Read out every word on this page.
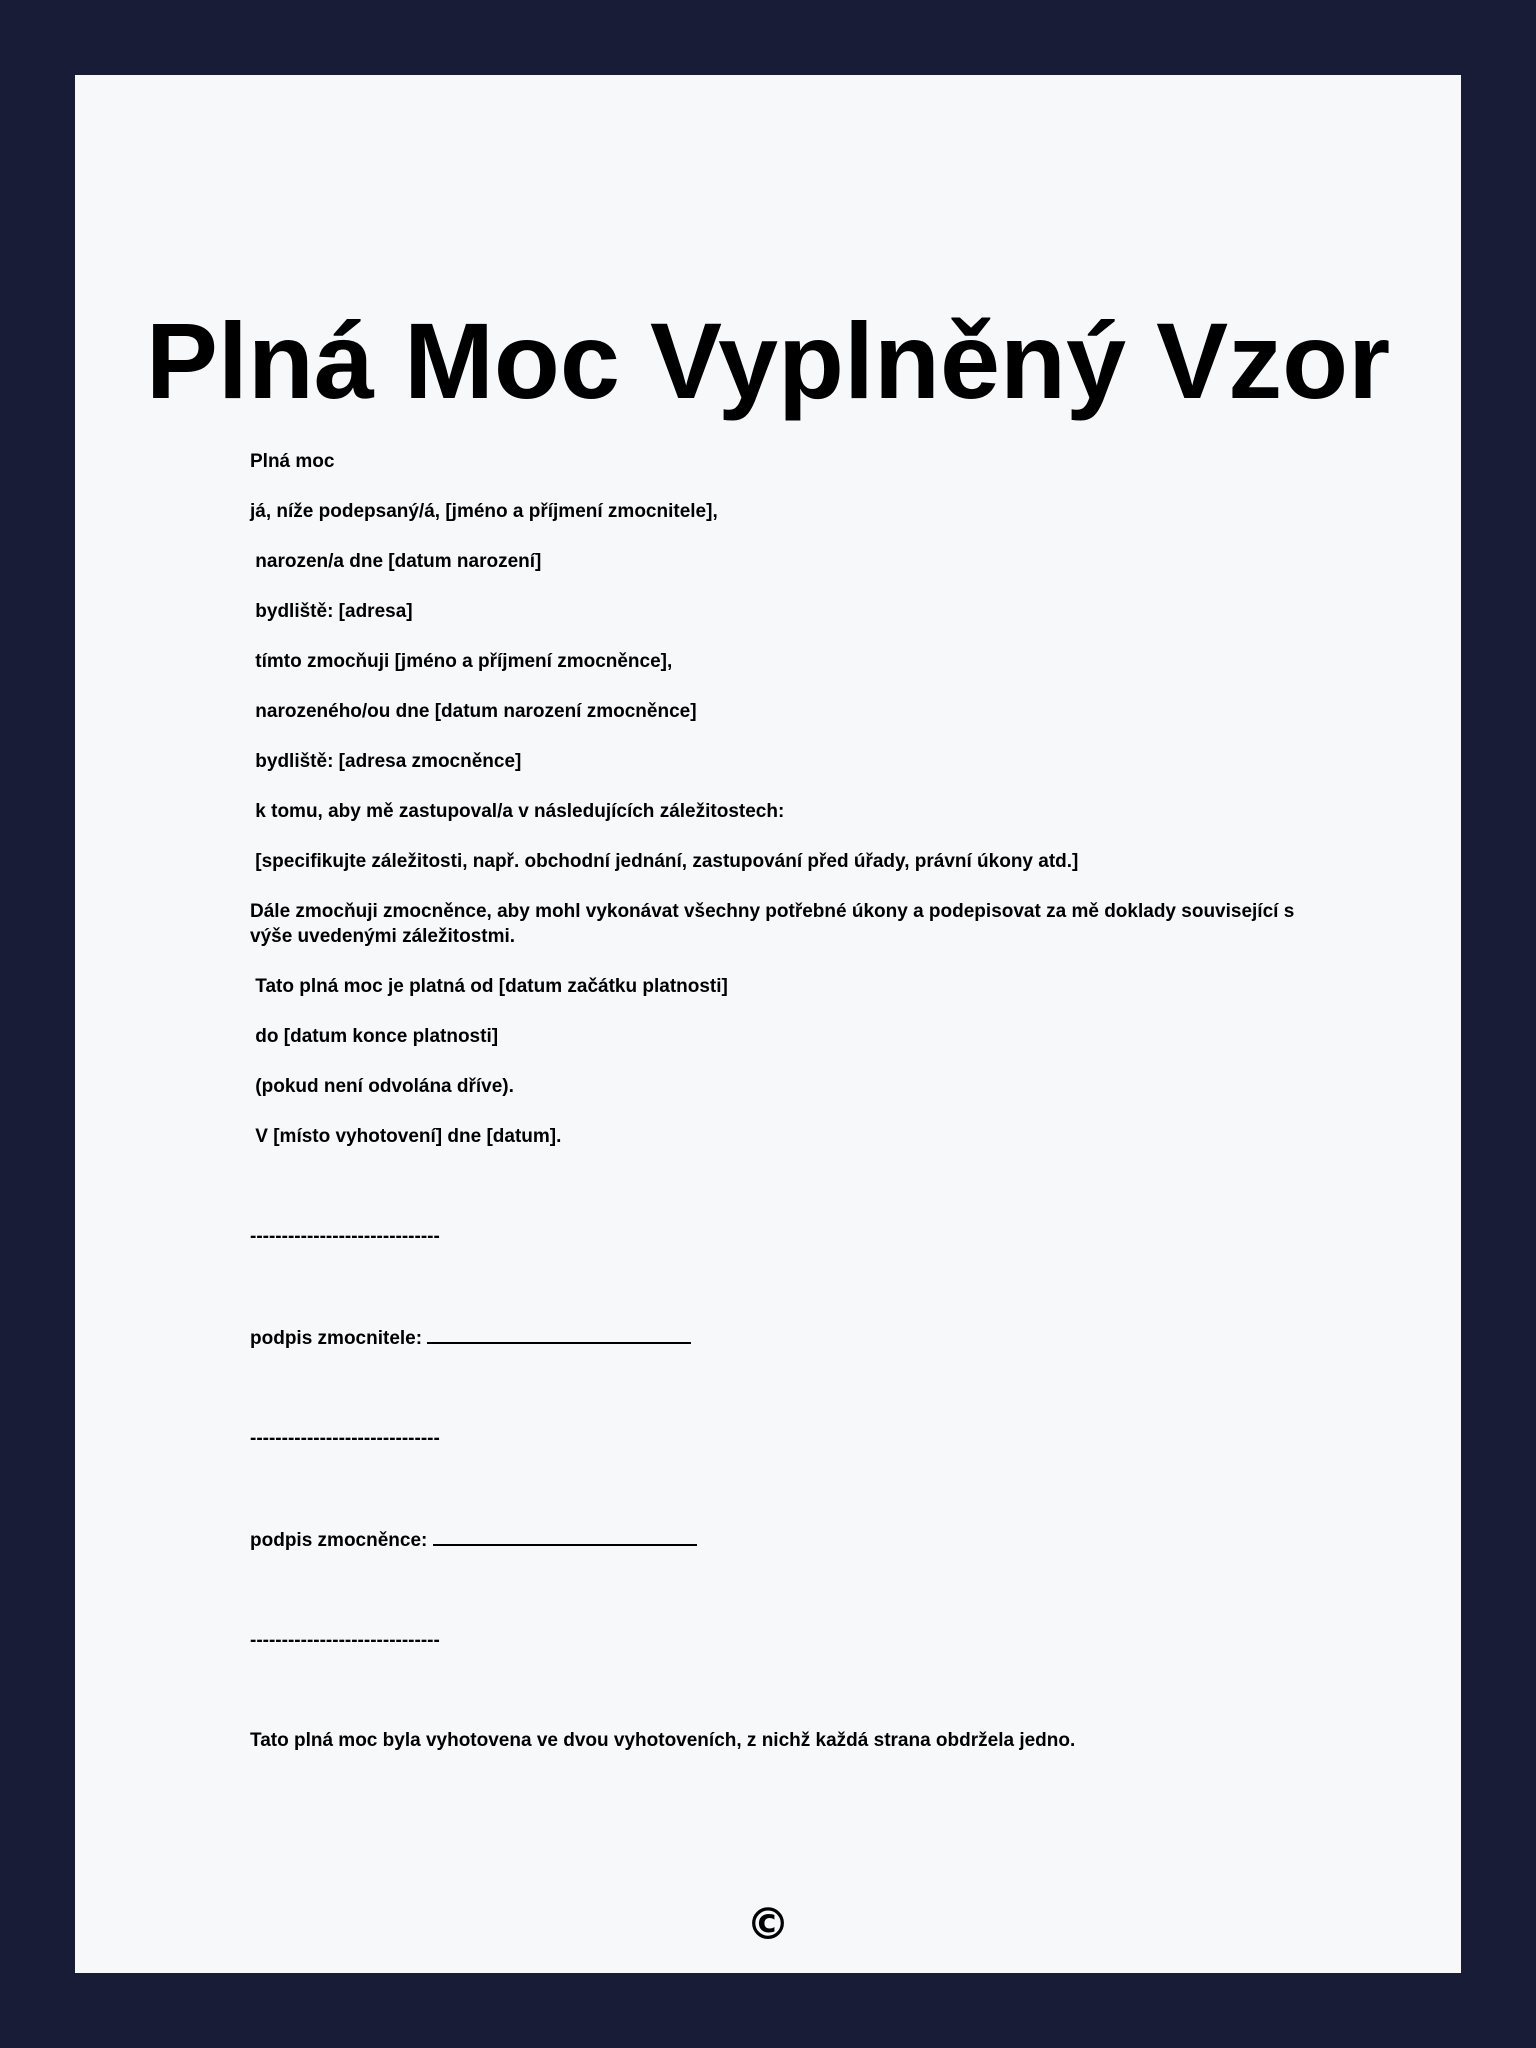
Plná Moc Vyplněný Vzor

Plná moc

já, níže podepsaný/á, [jméno a příjmení zmocnitele],

narozen/a dne [datum narození]

bydliště: [adresa]

tímto zmocňuji [jméno a příjmení zmocněnce],

narozeného/ou dne [datum narození zmocněnce]

bydliště: [adresa zmocněnce]

k tomu, aby mě zastupoval/a v následujících záležitostech:

[specifikujte záležitosti, např. obchodní jednání, zastupování před úřady, právní úkony atd.]

Dále zmocňuji zmocněnce, aby mohl vykonávat všechny potřebné úkony a podepisovat za mě doklady související s výše uvedenými záležitostmi.

Tato plná moc je platná od [datum začátku platnosti]

do [datum konce platnosti]

(pokud není odvolána dříve).

V [místo vyhotovení] dne [datum].

------------------------------

podpis zmocnitele:

------------------------------

podpis zmocněnce:

------------------------------

Tato plná moc byla vyhotovena ve dvou vyhotoveních, z nichž každá strana obdržela jedno.

©
